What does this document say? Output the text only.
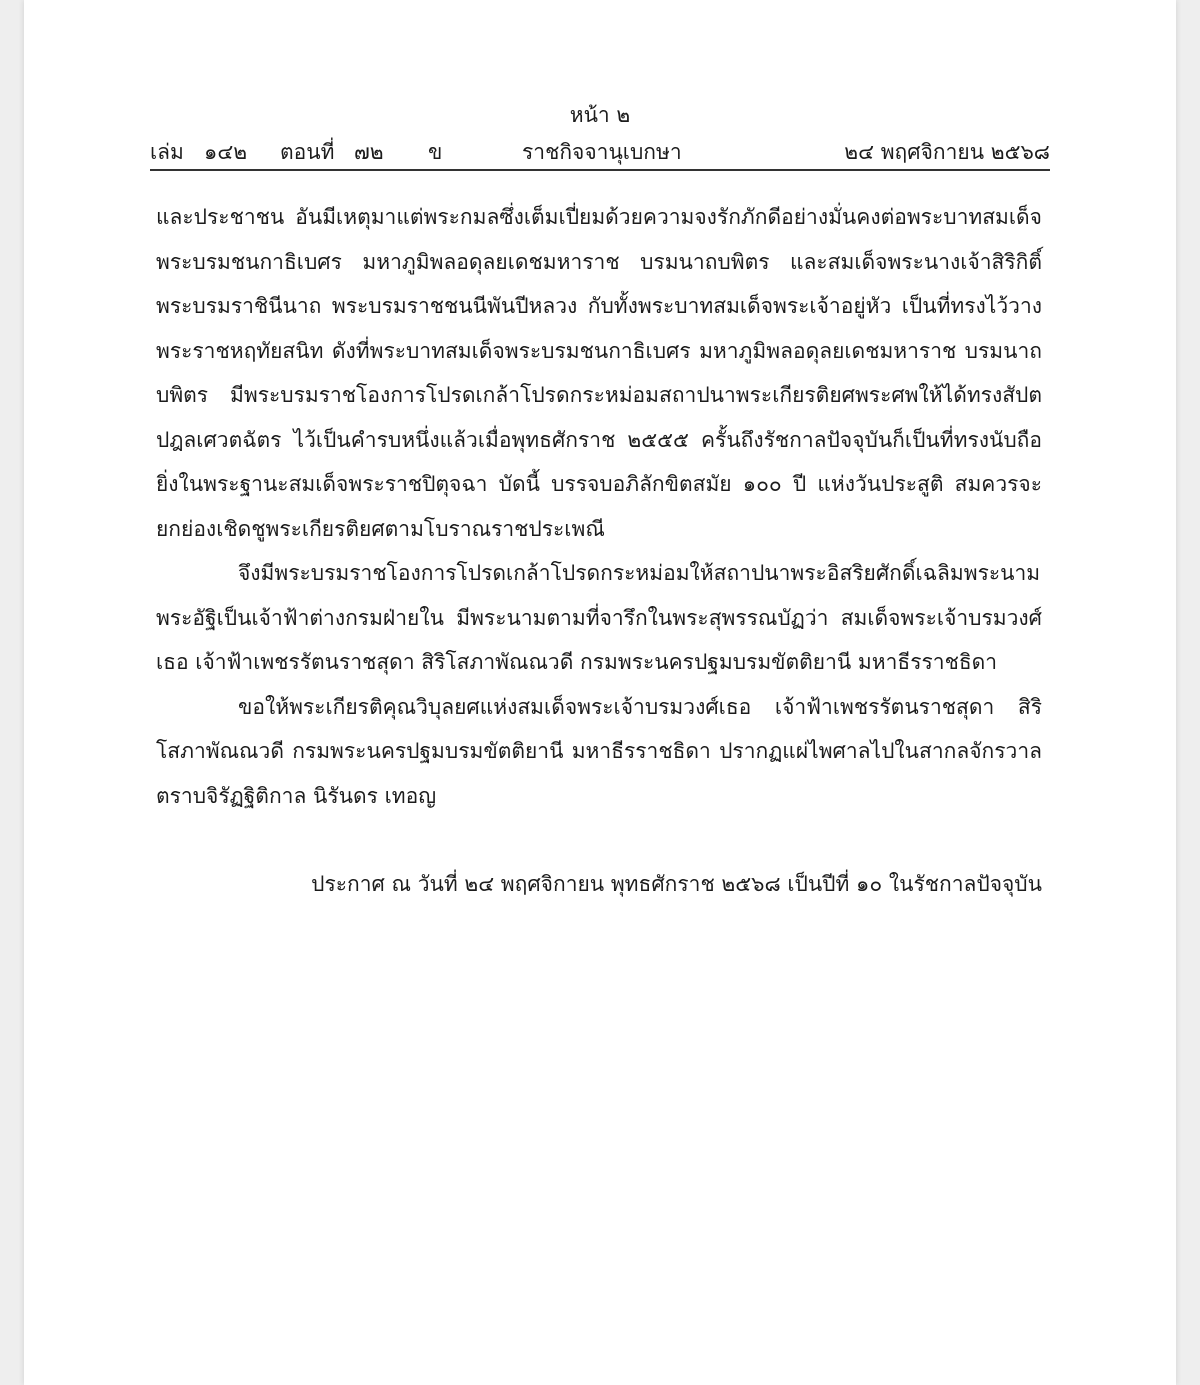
หน้า ๒
เล่ม ๑๔๒ ตอนที่ ๗๒ ข	ราชกิจจานุเบกษา	๒๔ พฤศจิกายน ๒๕๖๘

และประชาชน อันมีเหตุมาแต่พระกมลซึ่งเต็มเปี่ยมด้วยความจงรักภักดีอย่างมั่นคงต่อพระบาทสมเด็จพระบรมชนกาธิเบศร มหาภูมิพลอดุลยเดชมหาราช บรมนาถบพิตร และสมเด็จพระนางเจ้าสิริกิติ์ พระบรมราชินีนาถ พระบรมราชชนนีพันปีหลวง กับทั้งพระบาทสมเด็จพระเจ้าอยู่หัว เป็นที่ทรงไว้วางพระราชหฤทัยสนิท ดังที่พระบาทสมเด็จพระบรมชนกาธิเบศร มหาภูมิพลอดุลยเดชมหาราช บรมนาถบพิตร มีพระบรมราชโองการโปรดเกล้าโปรดกระหม่อมสถาปนาพระเกียรติยศพระศพให้ได้ทรงสัปตปฎลเศวตฉัตร ไว้เป็นคำรบหนึ่งแล้วเมื่อพุทธศักราช ๒๕๕๕ ครั้นถึงรัชกาลปัจจุบันก็เป็นที่ทรงนับถือยิ่งในพระฐานะสมเด็จพระราชปิตุจฉา บัดนี้ บรรจบอภิลักขิตสมัย ๑๐๐ ปี แห่งวันประสูติ สมควรจะยกย่องเชิดชูพระเกียรติยศตามโบราณราชประเพณี

จึงมีพระบรมราชโองการโปรดเกล้าโปรดกระหม่อมให้สถาปนาพระอิสริยศักดิ์เฉลิมพระนามพระอัฐิเป็นเจ้าฟ้าต่างกรมฝ่ายใน มีพระนามตามที่จารึกในพระสุพรรณบัฏว่า สมเด็จพระเจ้าบรมวงศ์เธอ เจ้าฟ้าเพชรรัตนราชสุดา สิริโสภาพัณณวดี กรมพระนครปฐมบรมขัตติยานี มหาธีรราชธิดา

ขอให้พระเกียรติคุณวิบุลยศแห่งสมเด็จพระเจ้าบรมวงศ์เธอ เจ้าฟ้าเพชรรัตนราชสุดา สิริโสภาพัณณวดี กรมพระนครปฐมบรมขัตติยานี มหาธีรราชธิดา ปรากฏแผ่ไพศาลไปในสากลจักรวาล ตราบจิรัฏฐิติกาล นิรันดร เทอญ

ประกาศ ณ วันที่ ๒๔ พฤศจิกายน พุทธศักราช ๒๕๖๘ เป็นปีที่ ๑๐ ในรัชกาลปัจจุบัน
